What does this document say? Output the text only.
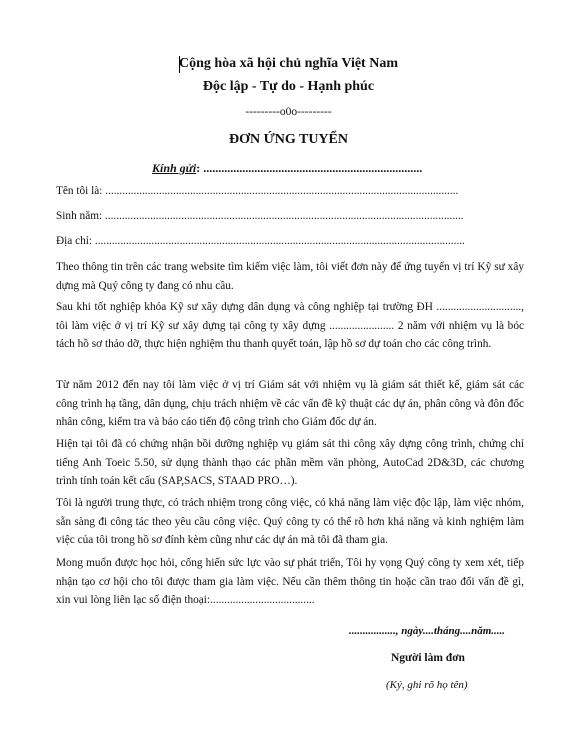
Cộng hòa xã hội chủ nghĩa Việt Nam
Độc lập - Tự do - Hạnh phúc
---------o0o---------
ĐƠN ỨNG TUYỂN
Kính gửi: .........................................................................
Tên tôi là: .............................................................................................................................
Sinh năm: ...............................................................................................................................
Địa chỉ: ...................................................................................................................................
Theo thông tin trên các trang website tìm kiếm việc làm, tôi viết đơn này để ứng tuyển vị trí Kỹ sư xây dựng mà Quý công ty đang có nhu cầu.
Sau khi tốt nghiệp khóa Kỹ sư xây dựng dân dụng và công nghiệp tại trường ĐH .............................., tôi làm việc ở vị trí Kỹ sư xây dựng tại công ty xây dựng ....................... 2 năm với nhiệm vụ là bóc tách hồ sơ thảo dỡ, thực hiện nghiệm thu thanh quyết toán, lập hồ sơ dự toán cho các công trình.
Từ năm 2012 đến nay tôi làm việc ở vị trí Giám sát với nhiệm vụ là giám sát thiết kế, giám sát các công trình hạ tầng, dân dụng, chịu trách nhiệm về các vấn đề kỹ thuật các dự án, phân công và đôn đốc nhân công, kiểm tra và báo cáo tiến độ công trình cho Giám đốc dự án.
Hiện tại tôi đã có chứng nhận bồi dưỡng nghiệp vụ giám sát thi công xây dựng công trình, chứng chỉ tiếng Anh Toeic 5.50, sử dụng thành thạo các phần mềm văn phòng, AutoCad 2D&3D, các chương trình tính toán kết cấu (SAP,SACS, STAAD PRO…).
Tôi là người trung thực, có trách nhiệm trong công việc, có khả năng làm việc độc lập, làm việc nhóm, sẵn sàng đi công tác theo yêu cầu công việc. Quý công ty có thể rõ hơn khả năng và kinh nghiệm làm việc của tôi trong hồ sơ đính kèm cũng như các dự án mà tôi đã tham gia.
Mong muốn được học hỏi, cống hiến sức lực vào sự phát triển, Tôi hy vọng Quý công ty xem xét, tiếp nhận tạo cơ hội cho tôi được tham gia làm việc. Nếu cần thêm thông tin hoặc cần trao đổi vấn đề gì, xin vui lòng liên lạc số điện thoại:.....................................
................., ngày....tháng....năm.....
Người làm đơn
(Ký, ghi rõ họ tên)
